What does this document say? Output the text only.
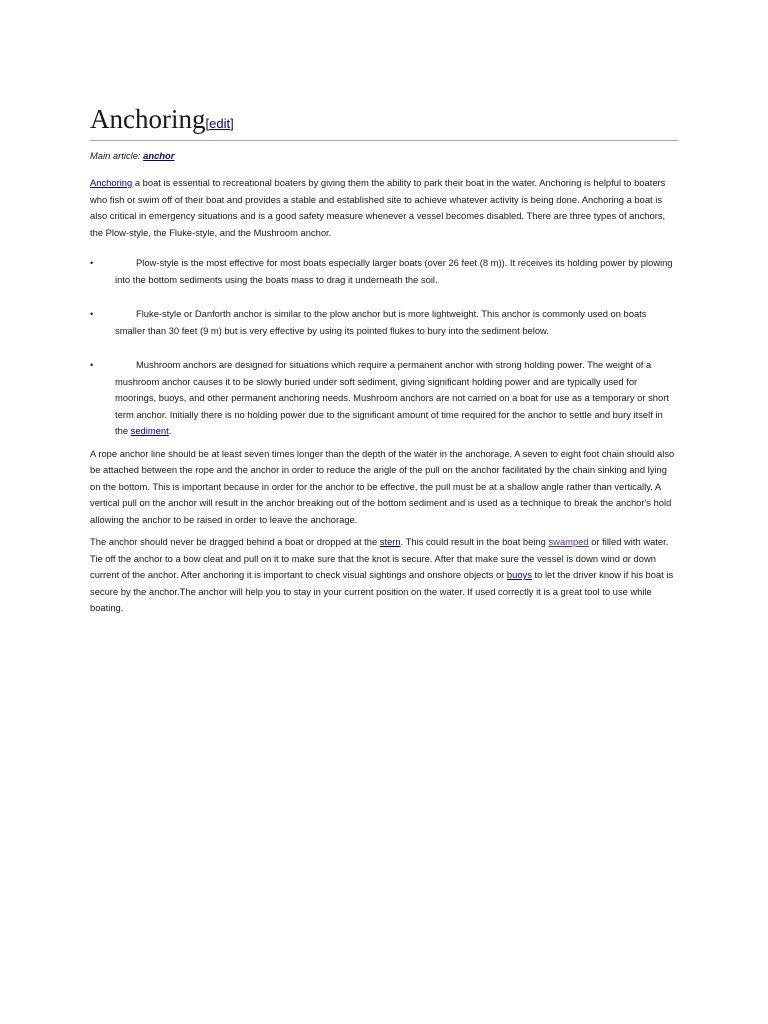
Anchoring[edit]
Main article: anchor

Anchoring a boat is essential to recreational boaters by giving them the ability to park their boat in the water. Anchoring is helpful to boaters who fish or swim off of their boat and provides a stable and established site to achieve whatever activity is being done. Anchoring a boat is also critical in emergency situations and is a good safety measure whenever a vessel becomes disabled. There are three types of anchors, the Plow-style, the Fluke-style, and the Mushroom anchor.

•	Plow-style is the most effective for most boats especially larger boats (over 26 feet (8 m)). It receives its holding power by plowing into the bottom sediments using the boats mass to drag it underneath the soil.
•	Fluke-style or Danforth anchor is similar to the plow anchor but is more lightweight. This anchor is commonly used on boats smaller than 30 feet (9 m) but is very effective by using its pointed flukes to bury into the sediment below.
•	Mushroom anchors are designed for situations which require a permanent anchor with strong holding power. The weight of a mushroom anchor causes it to be slowly buried under soft sediment, giving significant holding power and are typically used for moorings, buoys, and other permanent anchoring needs. Mushroom anchors are not carried on a boat for use as a temporary or short term anchor. Initially there is no holding power due to the significant amount of time required for the anchor to settle and bury itself in the sediment.

A rope anchor line should be at least seven times longer than the depth of the water in the anchorage. A seven to eight foot chain should also be attached between the rope and the anchor in order to reduce the angle of the pull on the anchor facilitated by the chain sinking and lying on the bottom. This is important because in order for the anchor to be effective, the pull must be at a shallow angle rather than vertically. A vertical pull on the anchor will result in the anchor breaking out of the bottom sediment and is used as a technique to break the anchor's hold allowing the anchor to be raised in order to leave the anchorage.

The anchor should never be dragged behind a boat or dropped at the stern. This could result in the boat being swamped or filled with water. Tie off the anchor to a bow cleat and pull on it to make sure that the knot is secure. After that make sure the vessel is down wind or down current of the anchor. After anchoring it is important to check visual sightings and onshore objects or buoys to let the driver know if his boat is secure by the anchor.The anchor will help you to stay in your current position on the water. If used correctly it is a great tool to use while boating.
